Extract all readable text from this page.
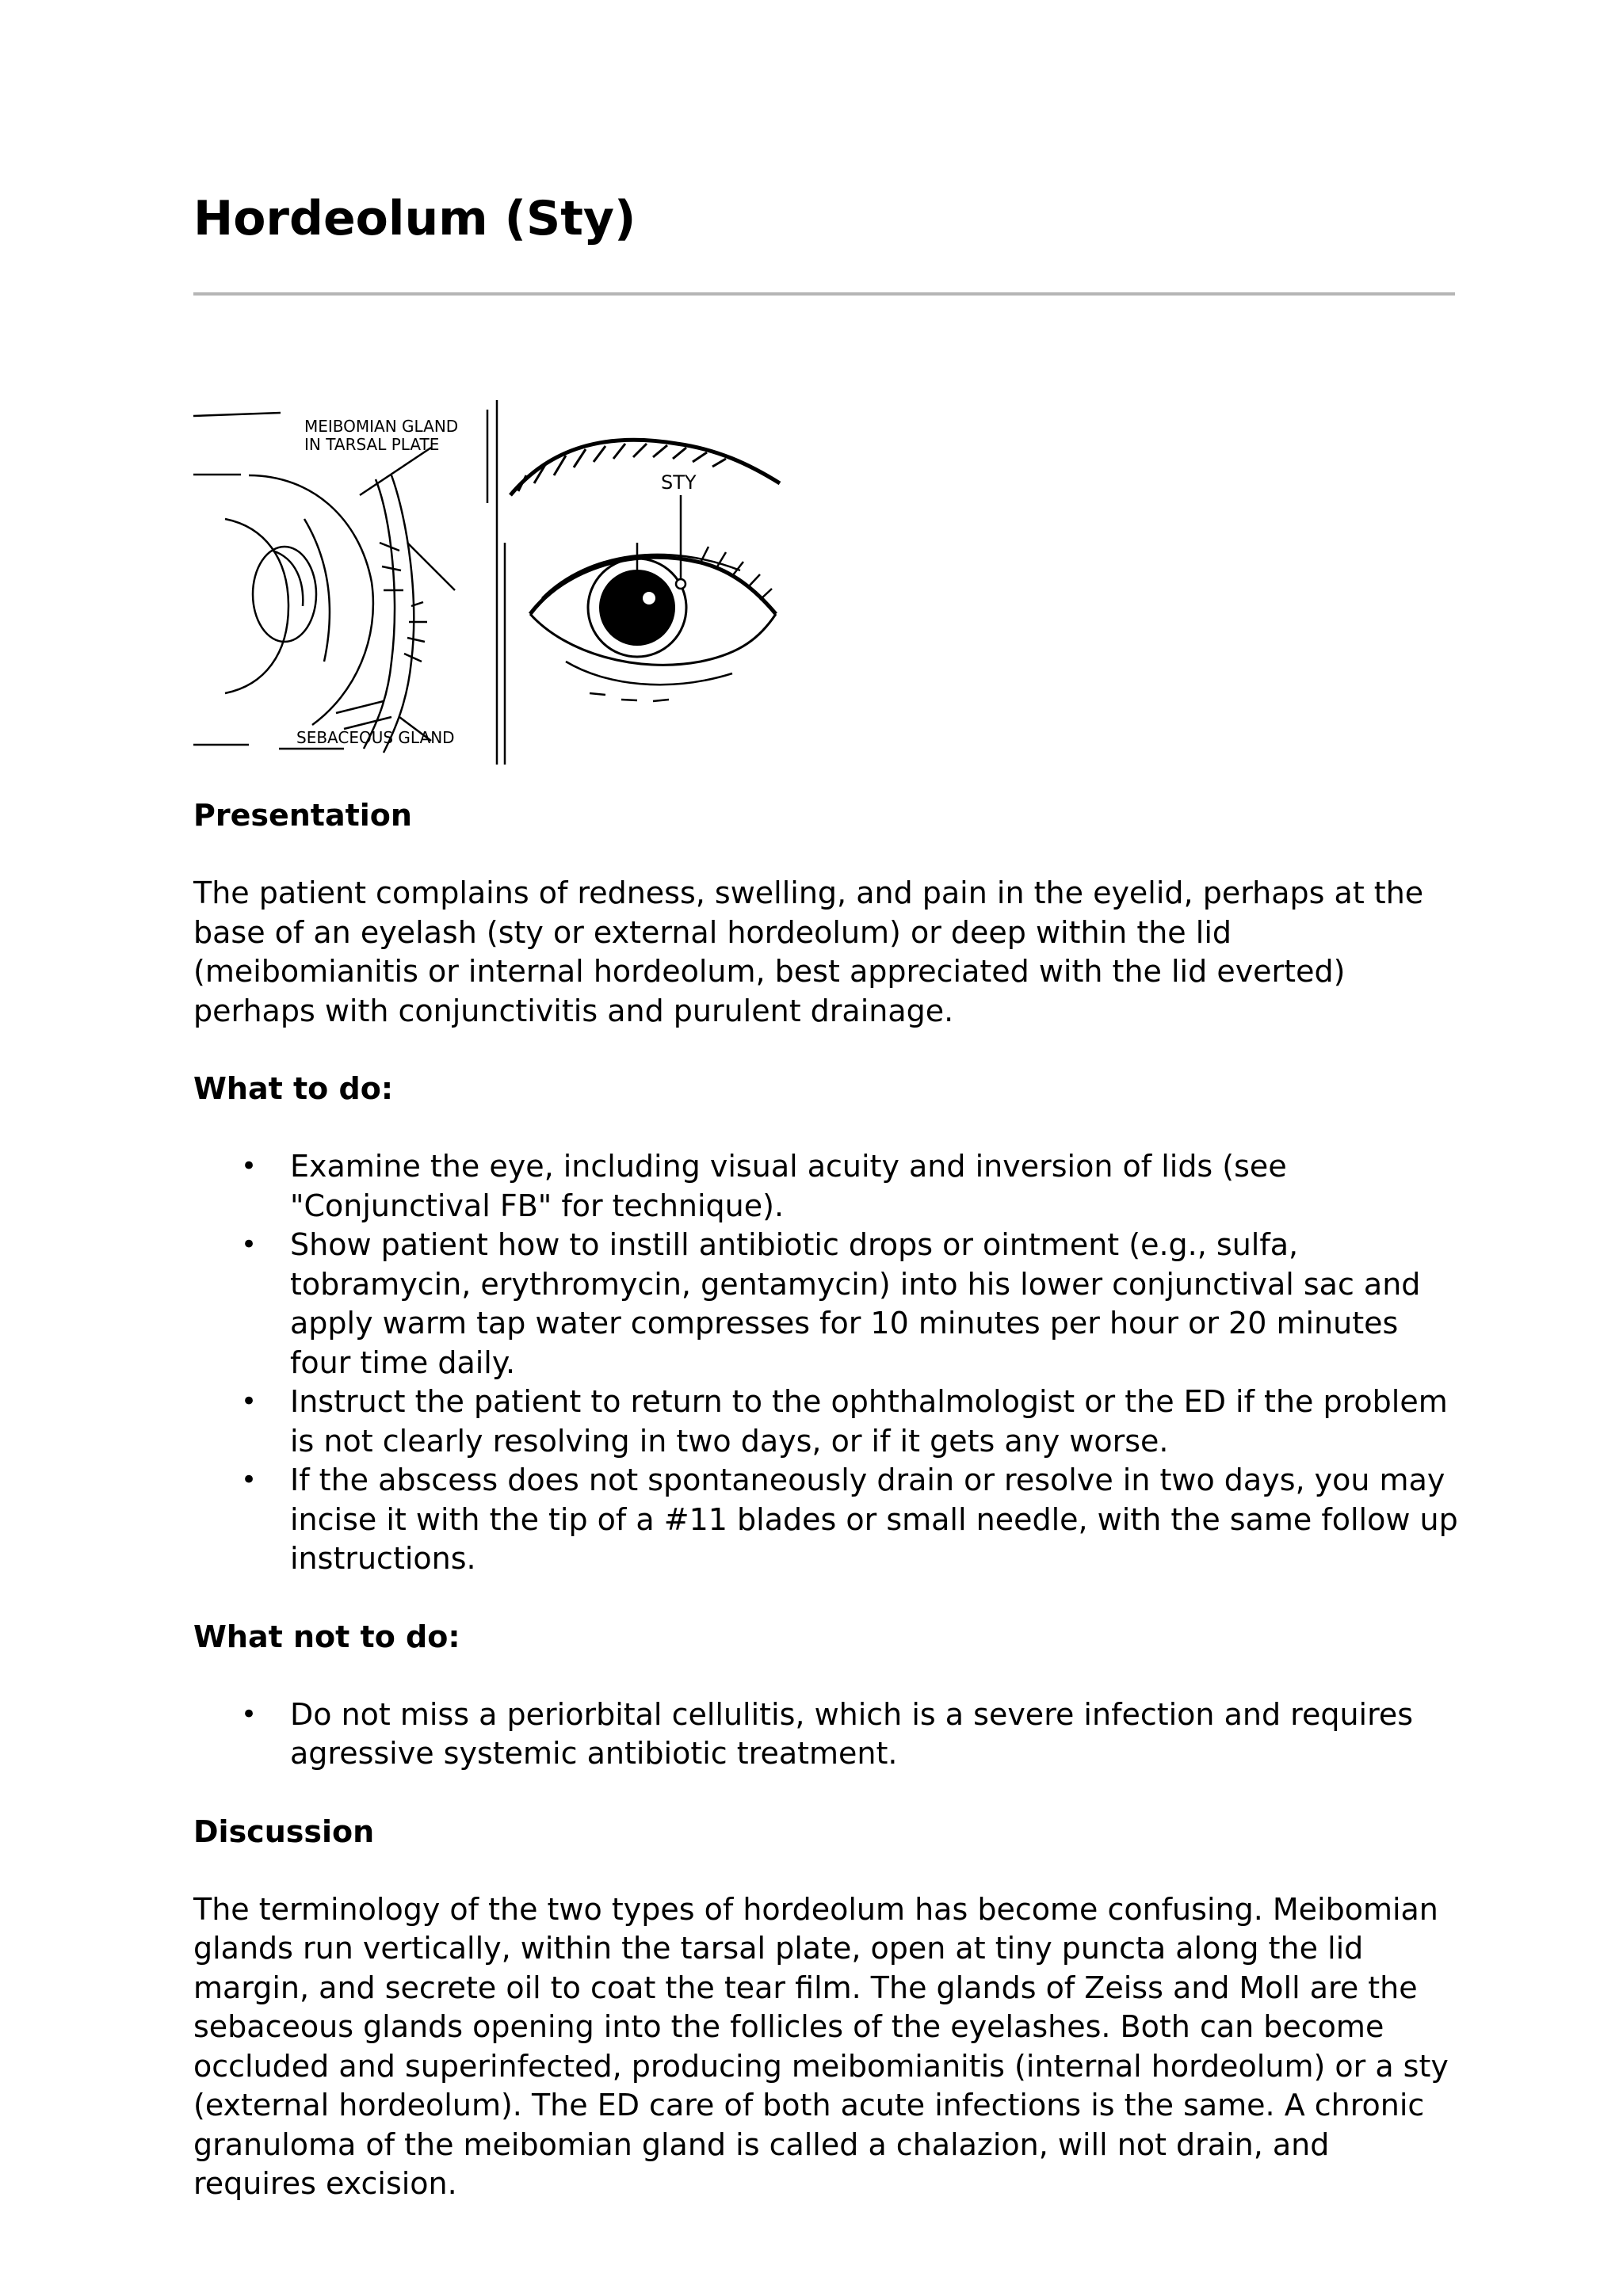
Hordeolum (Sty)
MEIBOMIAN GLAND
IN TARSAL PLATE
SEBACEOUS GLAND
STY
Presentation

The patient complains of redness, swelling, and pain in the eyelid, perhaps at the base of an eyelash (sty or external hordeolum) or deep within the lid (meibomianitis or internal hordeolum, best appreciated with the lid everted) perhaps with conjunctivitis and purulent drainage.

What to do:
• Examine the eye, including visual acuity and inversion of lids (see "Conjunctival FB" for technique).
• Show patient how to instill antibiotic drops or ointment (e.g., sulfa, tobramycin, erythromycin, gentamycin) into his lower conjunctival sac and apply warm tap water compresses for 10 minutes per hour or 20 minutes four time daily.
• Instruct the patient to return to the ophthalmologist or the ED if the problem is not clearly resolving in two days, or if it gets any worse.
• If the abscess does not spontaneously drain or resolve in two days, you may incise it with the tip of a #11 blades or small needle, with the same follow up instructions.
What not to do:
• Do not miss a periorbital cellulitis, which is a severe infection and requires agressive systemic antibiotic treatment.
Discussion

The terminology of the two types of hordeolum has become confusing. Meibomian glands run vertically, within the tarsal plate, open at tiny puncta along the lid margin, and secrete oil to coat the tear film. The glands of Zeiss and Moll are the sebaceous glands opening into the follicles of the eyelashes. Both can become occluded and superinfected, producing meibomianitis (internal hordeolum) or a sty (external hordeolum). The ED care of both acute infections is the same. A chronic granuloma of the meibomian gland is called a chalazion, will not drain, and requires excision.
